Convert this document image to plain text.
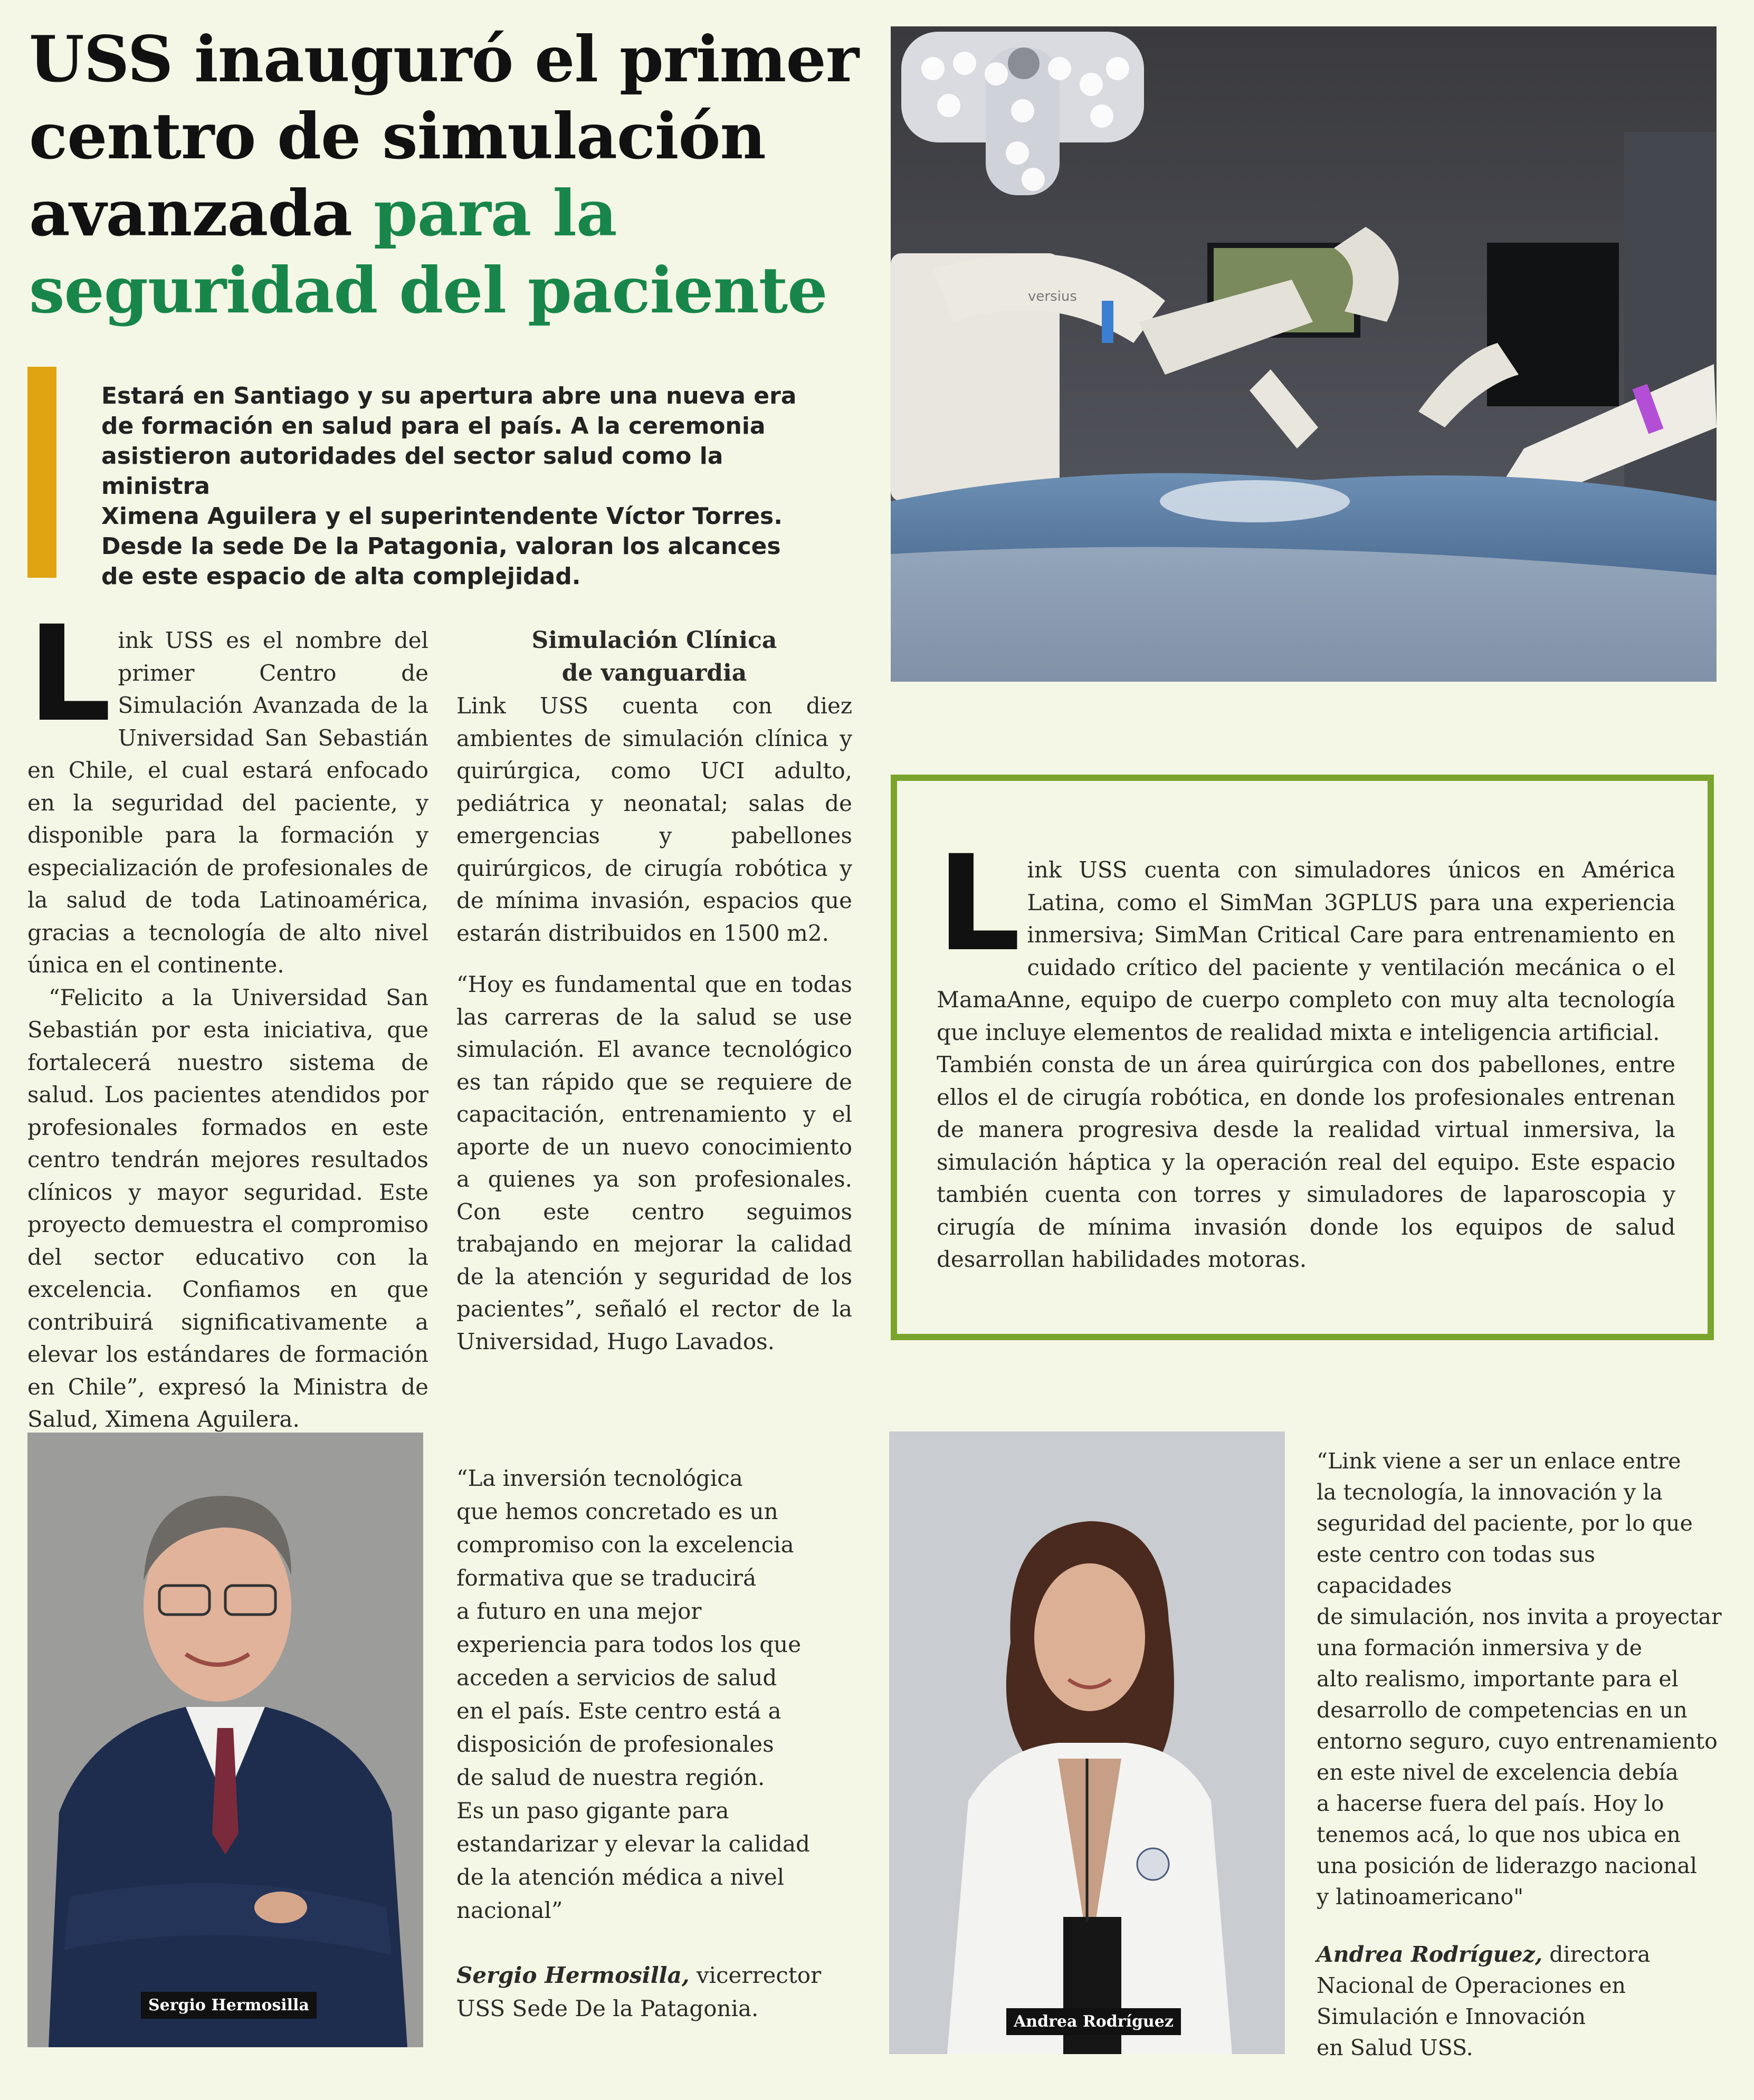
USS inauguró el primer centro de simulación avanzada para la seguridad del paciente
Estará en Santiago y su apertura abre una nueva era
de formación en salud para el país. A la ceremonia
asistieron autoridades del sector salud como la ministra
Ximena Aguilera y el superintendente Víctor Torres.
Desde la sede De la Patagonia, valoran los alcances
de este espacio de alta complejidad.
versius
L ink USS es el nombre del primer Centro de Simulación Avanzada de la Universidad San Sebastián en Chile, el cual estará enfocado en la seguridad del paciente, y disponible para la formación y especialización de profesionales de la salud de toda Latinoamérica, gracias a tecnología de alto nivel única en el continente.

“Felicito a la Universidad San Sebastián por esta iniciativa, que fortalecerá nuestro sistema de salud. Los pacientes atendidos por profesionales formados en este centro tendrán mejores resultados clínicos y mayor seguridad. Este proyecto demuestra el compromiso del sector educativo con la excelencia. Confiamos en que contribuirá significativamente a elevar los estándares de formación en Chile”, expresó la Ministra de Salud, Ximena Aguilera.

Simulación Clínica
de vanguardia

Link USS cuenta con diez ambientes de simulación clínica y quirúrgica, como UCI adulto, pediátrica y neonatal; salas de emergencias y pabellones quirúrgicos, de cirugía robótica y de mínima invasión, espacios que estarán distribuidos en 1500 m2.

“Hoy es fundamental que en todas las carreras de la salud se use simulación. El avance tecnológico es tan rápido que se requiere de capacitación, entrenamiento y el aporte de un nuevo conocimiento a quienes ya son profesionales. Con este centro seguimos trabajando en mejorar la calidad de la atención y seguridad de los pacientes”, señaló el rector de la Universidad, Hugo Lavados.

L ink USS cuenta con simuladores únicos en América Latina, como el SimMan 3GPLUS para una experiencia inmersiva; SimMan Critical Care para entrenamiento en cuidado crítico del paciente y ventilación mecánica o el MamaAnne, equipo de cuerpo completo con muy alta tecnología que incluye elementos de realidad mixta e inteligencia artificial.

También consta de un área quirúrgica con dos pabellones, entre ellos el de cirugía robótica, en donde los profesionales entrenan de manera progresiva desde la realidad virtual inmersiva, la simulación háptica y la operación real del equipo. Este espacio también cuenta con torres y simuladores de laparoscopia y cirugía de mínima invasión donde los equipos de salud desarrollan habilidades motoras.

Sergio Hermosilla

“La inversión tecnológica
que hemos concretado es un
compromiso con la excelencia
formativa que se traducirá
a futuro en una mejor
experiencia para todos los que
acceden a servicios de salud
en el país. Este centro está a
disposición de profesionales
de salud de nuestra región.
Es un paso gigante para
estandarizar y elevar la calidad
de la atención médica a nivel
nacional”

Sergio Hermosilla, vicerrector
USS Sede De la Patagonia.

Andrea Rodríguez

“Link viene a ser un enlace entre
la tecnología, la innovación y la
seguridad del paciente, por lo que
este centro con todas sus capacidades
de simulación, nos invita a proyectar
una formación inmersiva y de
alto realismo, importante para el
desarrollo de competencias en un
entorno seguro, cuyo entrenamiento
en este nivel de excelencia debía
a hacerse fuera del país. Hoy lo
tenemos acá, lo que nos ubica en
una posición de liderazgo nacional
y latinoamericano"

Andrea Rodríguez, directora
Nacional de Operaciones en
Simulación e Innovación
en Salud USS.
